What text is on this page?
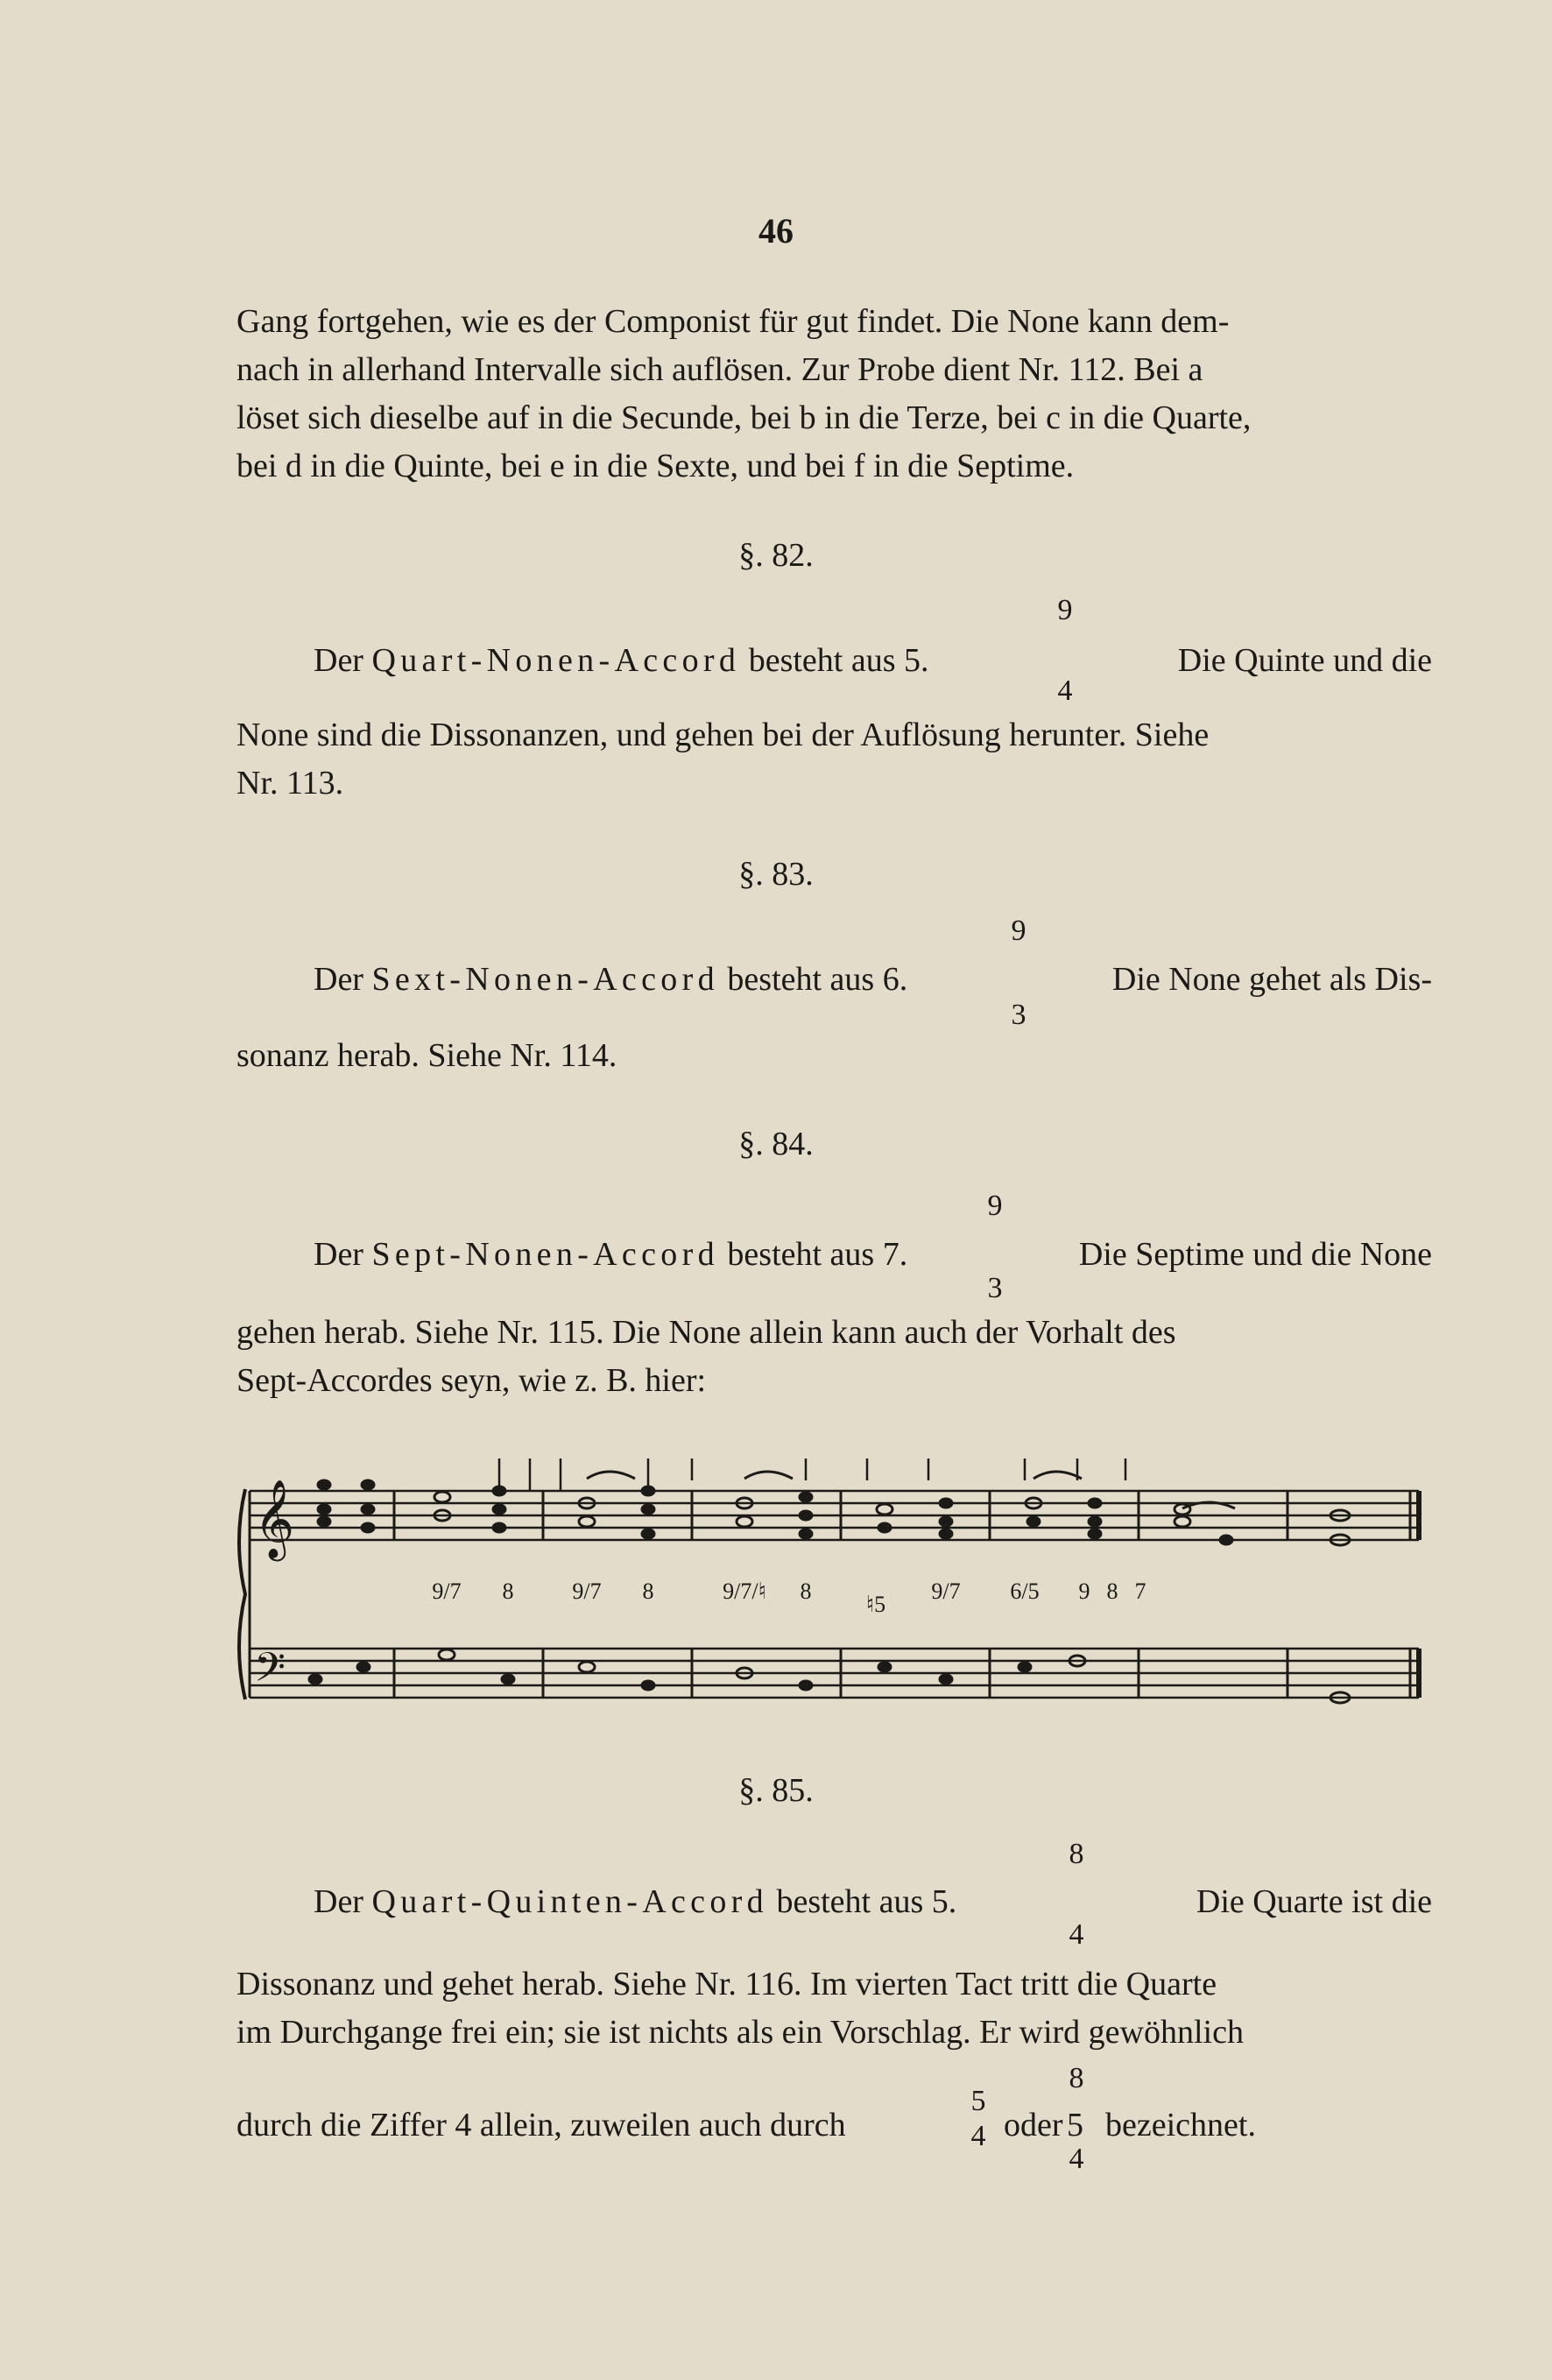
46

Gang fortgehen, wie es der Componist für gut findet. Die None kann dem-

nach in allerhand Intervalle sich auflösen. Zur Probe dient Nr. 112. Bei a

löset sich dieselbe auf in die Secunde, bei b in die Terze, bei c in die Quarte,

bei d in die Quinte, bei e in die Sexte, und bei f in die Septime.

§. 82.
9
Der Quart-Nonen-Accord besteht aus 5.	Die Quinte und die
4

None sind die Dissonanzen, und gehen bei der Auflösung herunter. Siehe

Nr. 113.

§. 83.
9
Der Sext-Nonen-Accord besteht aus 6.	Die None gehet als Dis-
3

sonanz herab. Siehe Nr. 114.

§. 84.
9
Der Sept-Nonen-Accord besteht aus 7.	Die Septime und die None
3

gehen herab. Siehe Nr. 115. Die None allein kann auch der Vorhalt des

Sept-Accordes seyn, wie z. B. hier:

𝄞
𝄢
9/7 8	9/7 8	9/7/♮ 8
♮5
9/7 6/5 9 8 7
§. 85.
8
Der Quart-Quinten-Accord besteht aus 5.	Die Quarte ist die
4

Dissonanz und gehet herab. Siehe Nr. 116. Im vierten Tact tritt die Quarte

im Durchgange frei ein; sie ist nichts als ein Vorschlag. Er wird gewöhnlich

8
durch die Ziffer 4 allein, zuweilen auch durch
5
4 oder 5 bezeichnet.
4
